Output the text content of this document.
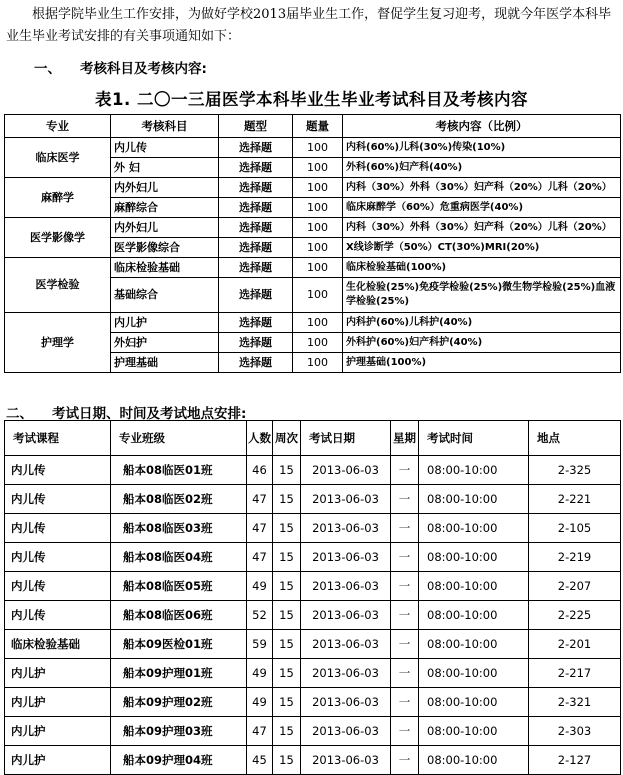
根据学院毕业生工作安排，为做好学校2013届毕业生工作，督促学生复习迎考，现就今年医学本科毕业生毕业考试安排的有关事项通知如下：

一、 考核科目及考核内容:
表1. 二〇一三届医学本科毕业生毕业考试科目及考核内容
专业	考核科目	题型	题量	考核内容（比例）
临床医学	内儿传	选择题	100	内科(60%)儿科(30%)传染(10%)
	外 妇	选择题	100	外科(60%)妇产科(40%)
麻醉学	内外妇儿	选择题	100	内科（30%）外科（30%）妇产科（20%）儿科（20%）
	麻醉综合	选择题	100	临床麻醉学（60%）危重病医学(40%)
医学影像学	内外妇儿	选择题	100	内科（30%）外科（30%）妇产科（20%）儿科（20%）
	医学影像综合	选择题	100	X线诊断学（50%）CT(30%)MRI(20%)
医学检验	临床检验基础	选择题	100	临床检验基础(100%)
	基础综合	选择题	100	生化检验(25%)免疫学检验(25%)微生物学检验(25%)血液学检验(25%)
护理学	内儿护	选择题	100	内科护(60%)儿科护(40%)
	外妇护	选择题	100	外科护(60%)妇产科护(40%)
	护理基础	选择题	100	护理基础(100%)
二、 考试日期、时间及考试地点安排:
考试课程	专业班级	人数	周次	考试日期	星期	考试时间	地点
内儿传	船本08临医01班	46	15	2013-06-03	一	08:00-10:00	2-325
内儿传	船本08临医02班	47	15	2013-06-03	一	08:00-10:00	2-221
内儿传	船本08临医03班	47	15	2013-06-03	一	08:00-10:00	2-105
内儿传	船本08临医04班	47	15	2013-06-03	一	08:00-10:00	2-219
内儿传	船本08临医05班	49	15	2013-06-03	一	08:00-10:00	2-207
内儿传	船本08临医06班	52	15	2013-06-03	一	08:00-10:00	2-225
临床检验基础	船本09医检01班	59	15	2013-06-03	一	08:00-10:00	2-201
内儿护	船本09护理01班	49	15	2013-06-03	一	08:00-10:00	2-217
内儿护	船本09护理02班	49	15	2013-06-03	一	08:00-10:00	2-321
内儿护	船本09护理03班	47	15	2013-06-03	一	08:00-10:00	2-303
内儿护	船本09护理04班	45	15	2013-06-03	一	08:00-10:00	2-127
